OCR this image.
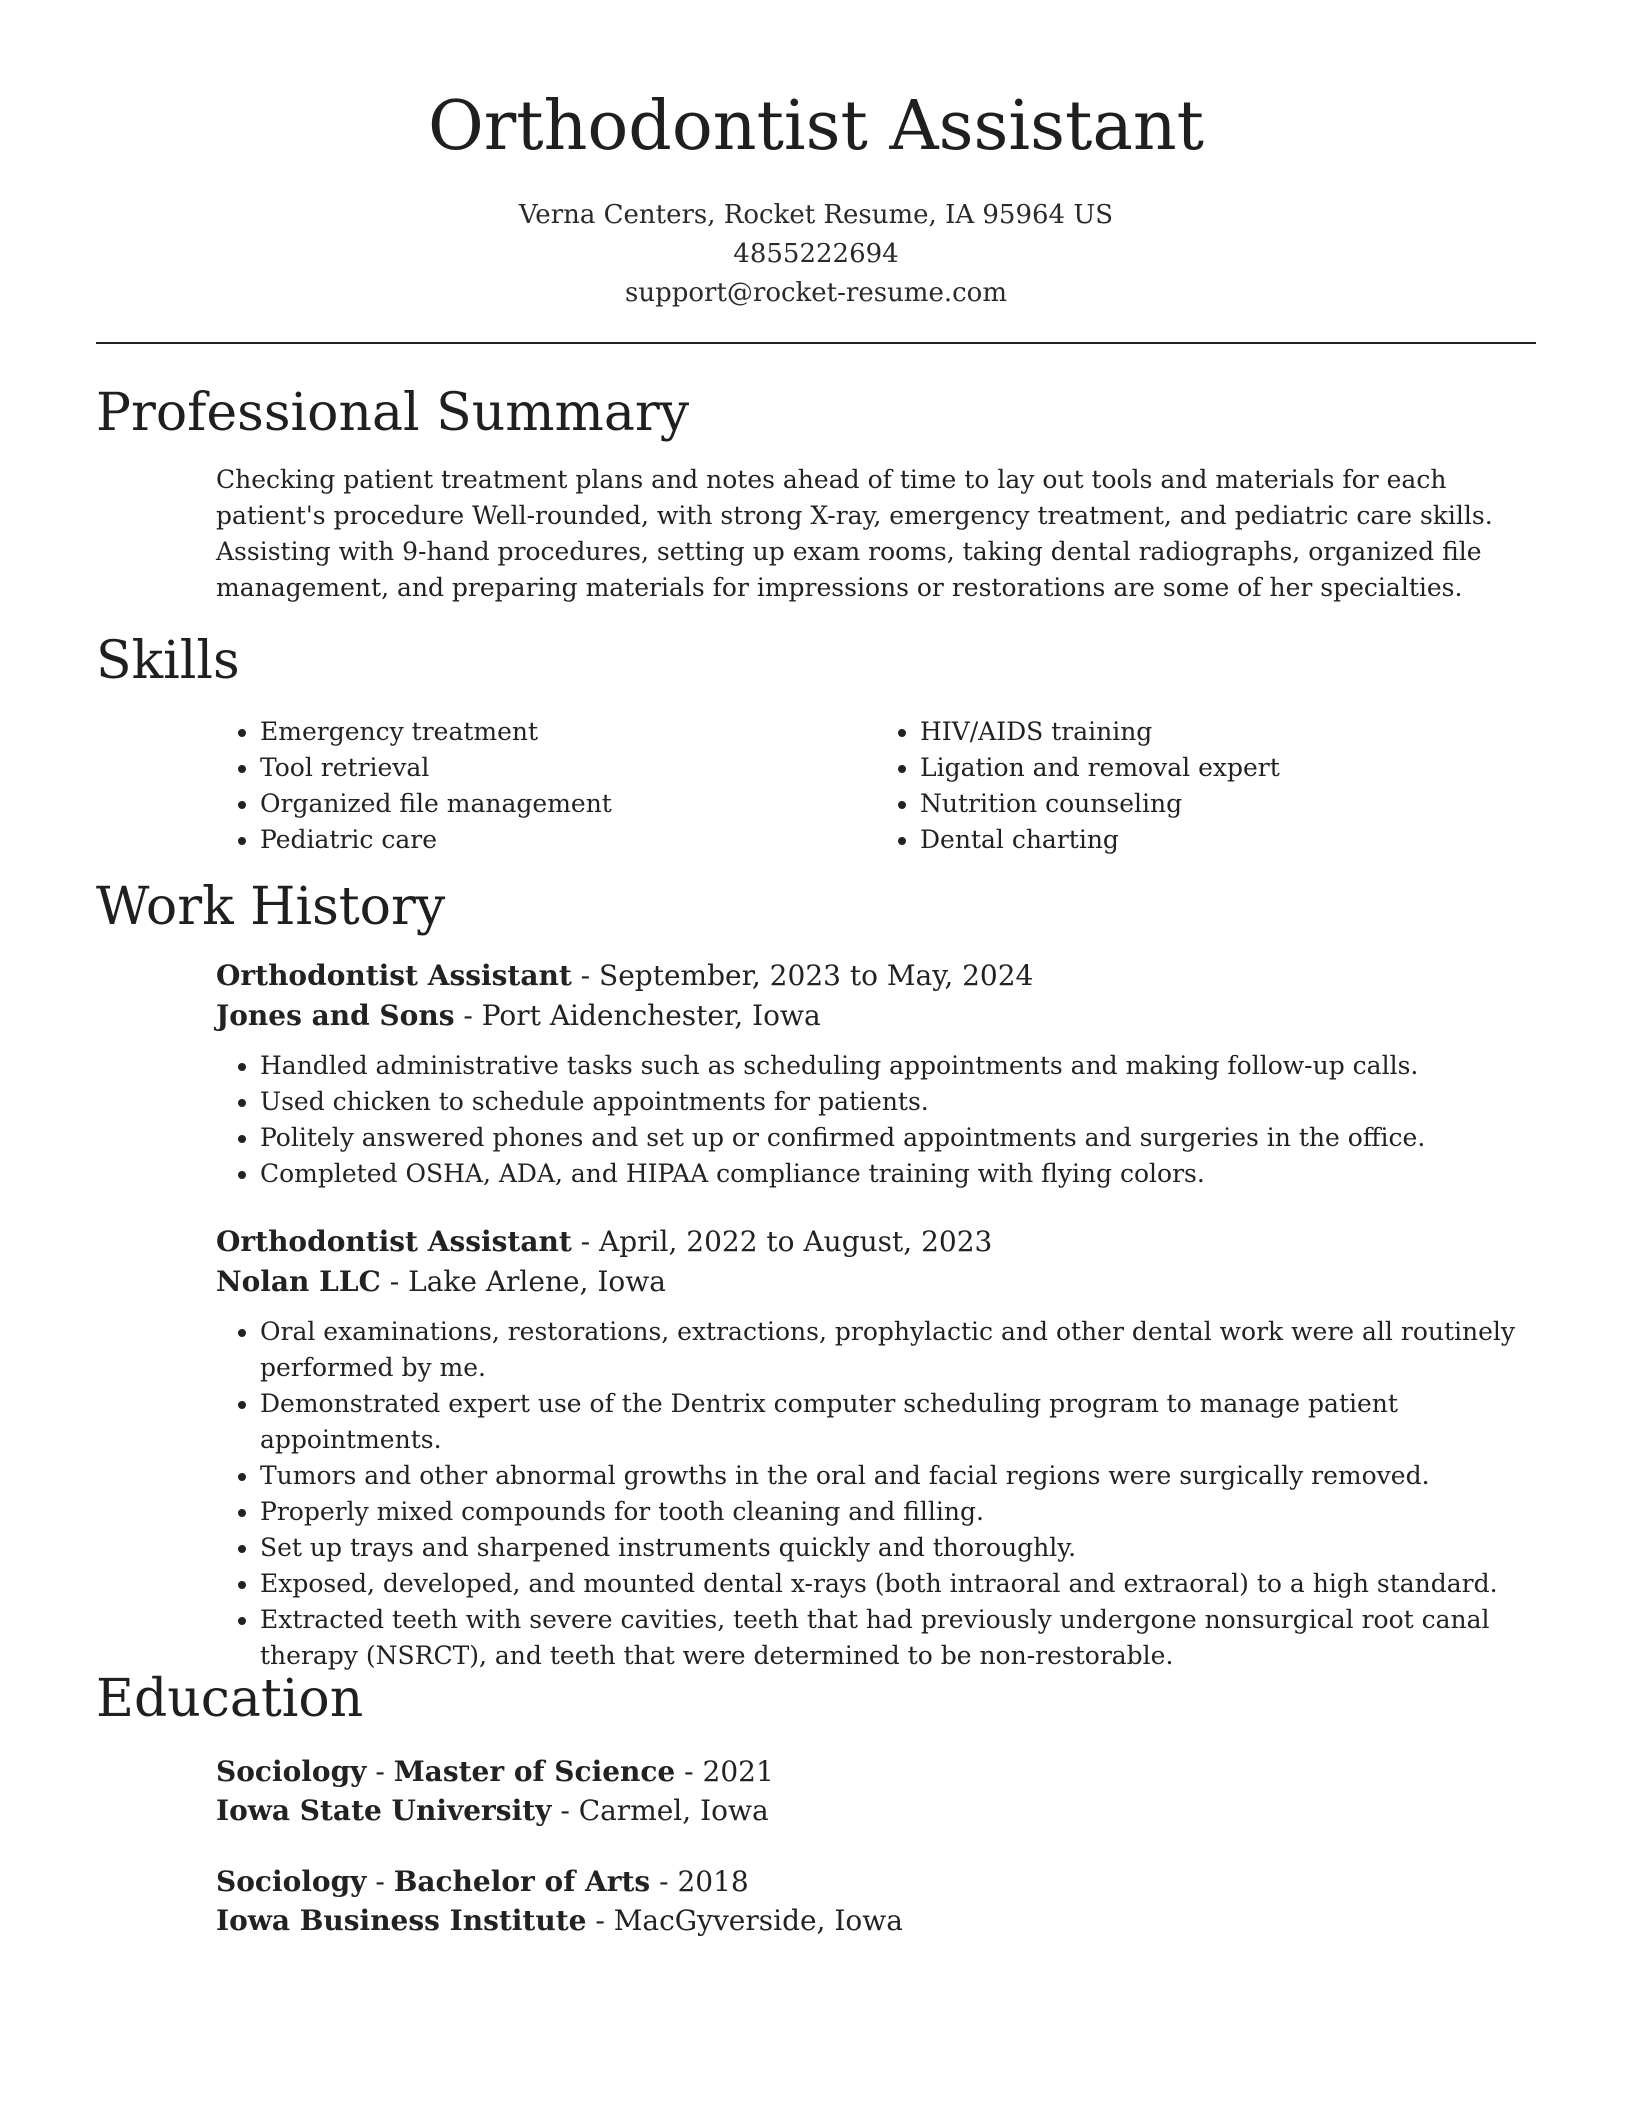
Orthodontist Assistant
Verna Centers, Rocket Resume, IA 95964 US
4855222694
support@rocket-resume.com
Professional Summary
Checking patient treatment plans and notes ahead of time to lay out tools and materials for each patient's procedure Well-rounded, with strong X-ray, emergency treatment, and pediatric care skills. Assisting with 9-hand procedures, setting up exam rooms, taking dental radiographs, organized file management, and preparing materials for impressions or restorations are some of her specialties.
Skills
• Emergency treatment
• Tool retrieval
• Organized file management
• Pediatric care
• HIV/AIDS training
• Ligation and removal expert
• Nutrition counseling
• Dental charting
Work History
Orthodontist Assistant - September, 2023 to May, 2024
Jones and Sons - Port Aidenchester, Iowa
• Handled administrative tasks such as scheduling appointments and making follow-up calls.
• Used chicken to schedule appointments for patients.
• Politely answered phones and set up or confirmed appointments and surgeries in the office.
• Completed OSHA, ADA, and HIPAA compliance training with flying colors.
Orthodontist Assistant - April, 2022 to August, 2023
Nolan LLC - Lake Arlene, Iowa
• Oral examinations, restorations, extractions, prophylactic and other dental work were all routinely performed by me.
• Demonstrated expert use of the Dentrix computer scheduling program to manage patient appointments.
• Tumors and other abnormal growths in the oral and facial regions were surgically removed.
• Properly mixed compounds for tooth cleaning and filling.
• Set up trays and sharpened instruments quickly and thoroughly.
• Exposed, developed, and mounted dental x-rays (both intraoral and extraoral) to a high standard.
• Extracted teeth with severe cavities, teeth that had previously undergone nonsurgical root canal therapy (NSRCT), and teeth that were determined to be non-restorable.
Education
Sociology - Master of Science - 2021
Iowa State University - Carmel, Iowa
Sociology - Bachelor of Arts - 2018
Iowa Business Institute - MacGyverside, Iowa
